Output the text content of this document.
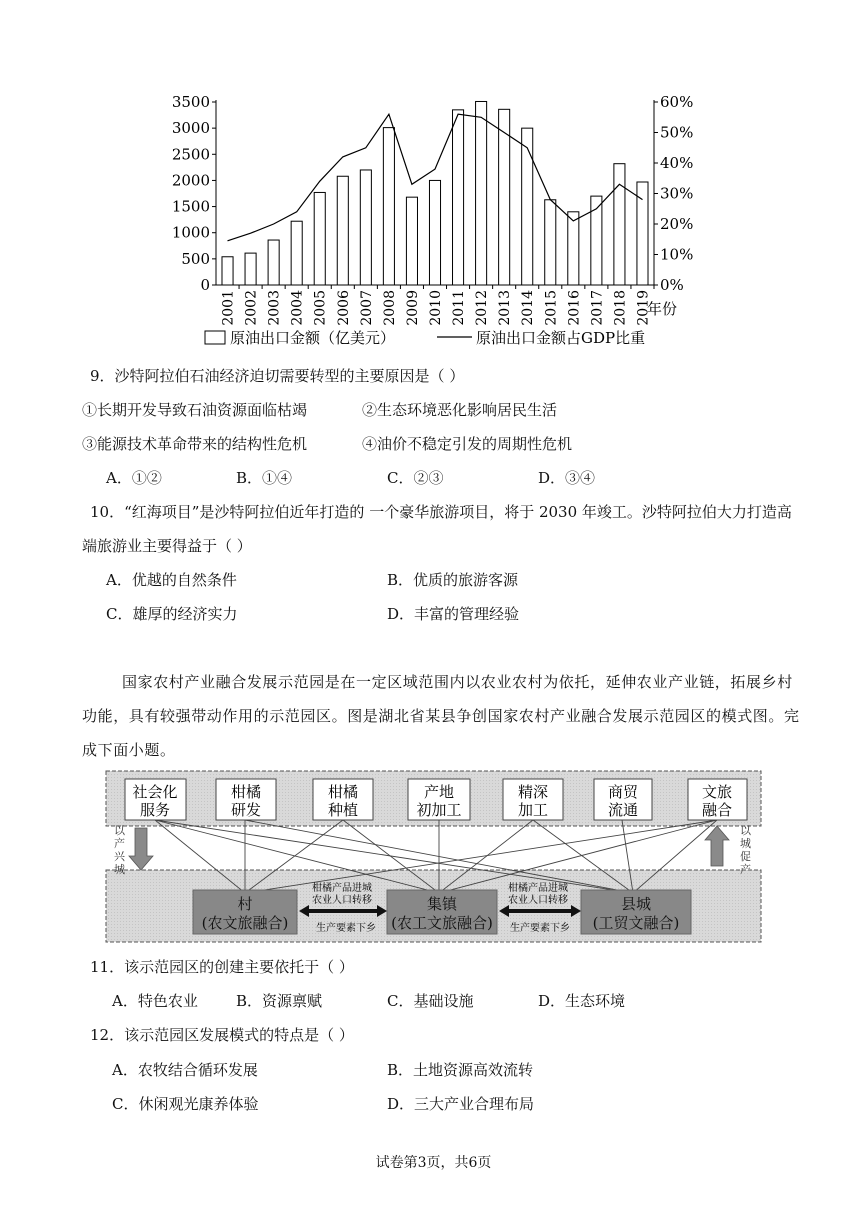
0
500
1000
1500
2000
2500
3000
3500
0%
10%
20%
30%
40%
50%
60%
2001 2002 2003 2004 2005 2006 2007 2008 2009 2010 2011 2012 2013 2014 2015 2016 2017 2018 2019
原油出口金额（亿美元）	原油出口金额占GDP比重
年份
9．沙特阿拉伯石油经济迫切需要转型的主要原因是（ ）
①长期开发导致石油资源面临枯竭	②生态环境恶化影响居民生活
③能源技术革命带来的结构性危机	④油价不稳定引发的周期性危机
A．①②	B．①④	C．②③	D．③④
10．“红海项目”是沙特阿拉伯近年打造的 一个豪华旅游项目，将于 2030 年竣工。沙特阿拉伯大力打造高
端旅游业主要得益于（ ）
A．优越的自然条件	B．优质的旅游客源
C．雄厚的经济实力	D．丰富的管理经验
国家农村产业融合发展示范园是在一定区域范围内以农业农村为依托，延伸农业产业链，拓展乡村
功能，具有较强带动作用的示范园区。图是湖北省某县争创国家农村产业融合发展示范园区的模式图。完
成下面小题。
社会化
服务
柑橘
研发
柑橘
种植
产地
初加工
精深
加工
商贸
流通
文旅
融合
以 产 兴 城
以 城 促 产
村
(农文旅融合)
集镇
(农工文旅融合)
县城
(工贸文融合)
柑橘产品进城
农业人口转移
生产要素下乡
柑橘产品进城
农业人口转移
生产要素下乡
11．该示范园区的创建主要依托于（ ）
A．特色农业	B．资源禀赋	C．基础设施	D．生态环境
12．该示范园区发展模式的特点是（ ）
A．农牧结合循环发展	B．土地资源高效流转
C．休闲观光康养体验	D．三大产业合理布局
试卷第3页，共6页
